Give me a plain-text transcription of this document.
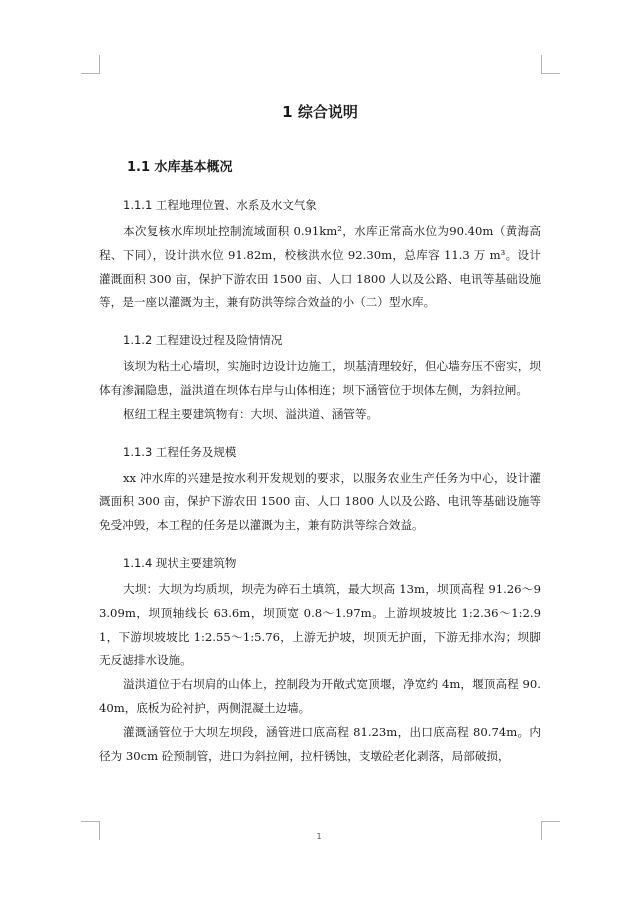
1 综合说明
1.1 水库基本概况
1.1.1 工程地理位置、水系及水文气象
本次复核水库坝址控制流域面积 0.91km²，水库正常高水位为90.40m（黄海高程、下同），设计洪水位 91.82m，校核洪水位 92.30m，总库容 11.3 万 m³。设计灌溉面积 300 亩，保护下游农田 1500 亩、人口 1800 人以及公路、电讯等基础设施等，是一座以灌溉为主，兼有防洪等综合效益的小（二）型水库。
1.1.2 工程建设过程及险情情况
该坝为粘土心墙坝，实施时边设计边施工，坝基清理较好，但心墙夯压不密实，坝体有渗漏隐患，溢洪道在坝体右岸与山体相连；坝下涵管位于坝体左侧，为斜拉闸。
枢纽工程主要建筑物有：大坝、溢洪道、涵管等。
1.1.3 工程任务及规模
xx 冲水库的兴建是按水利开发规划的要求，以服务农业生产任务为中心，设计灌溉面积 300 亩，保护下游农田 1500 亩、人口 1800 人以及公路、电讯等基础设施等免受冲毁，本工程的任务是以灌溉为主，兼有防洪等综合效益。
1.1.4 现状主要建筑物
大坝：大坝为均质坝，坝壳为碎石土填筑，最大坝高 13m，坝顶高程 91.26～93.09m，坝顶轴线长 63.6m，坝顶宽 0.8～1.97m。上游坝坡坡比 1:2.36～1:2.91，下游坝坡坡比 1:2.55～1:5.76，上游无护坡，坝顶无护面，下游无排水沟；坝脚无反滤排水设施。
溢洪道位于右坝肩的山体上，控制段为开敞式宽顶堰，净宽约 4m，堰顶高程 90.40m，底板为砼衬护，两侧混凝土边墙。
灌溉涵管位于大坝左坝段，涵管进口底高程 81.23m，出口底高程 80.74m。内径为 30cm 砼预制管，进口为斜拉闸，拉杆锈蚀，支墩砼老化剥落，局部破损，
1
